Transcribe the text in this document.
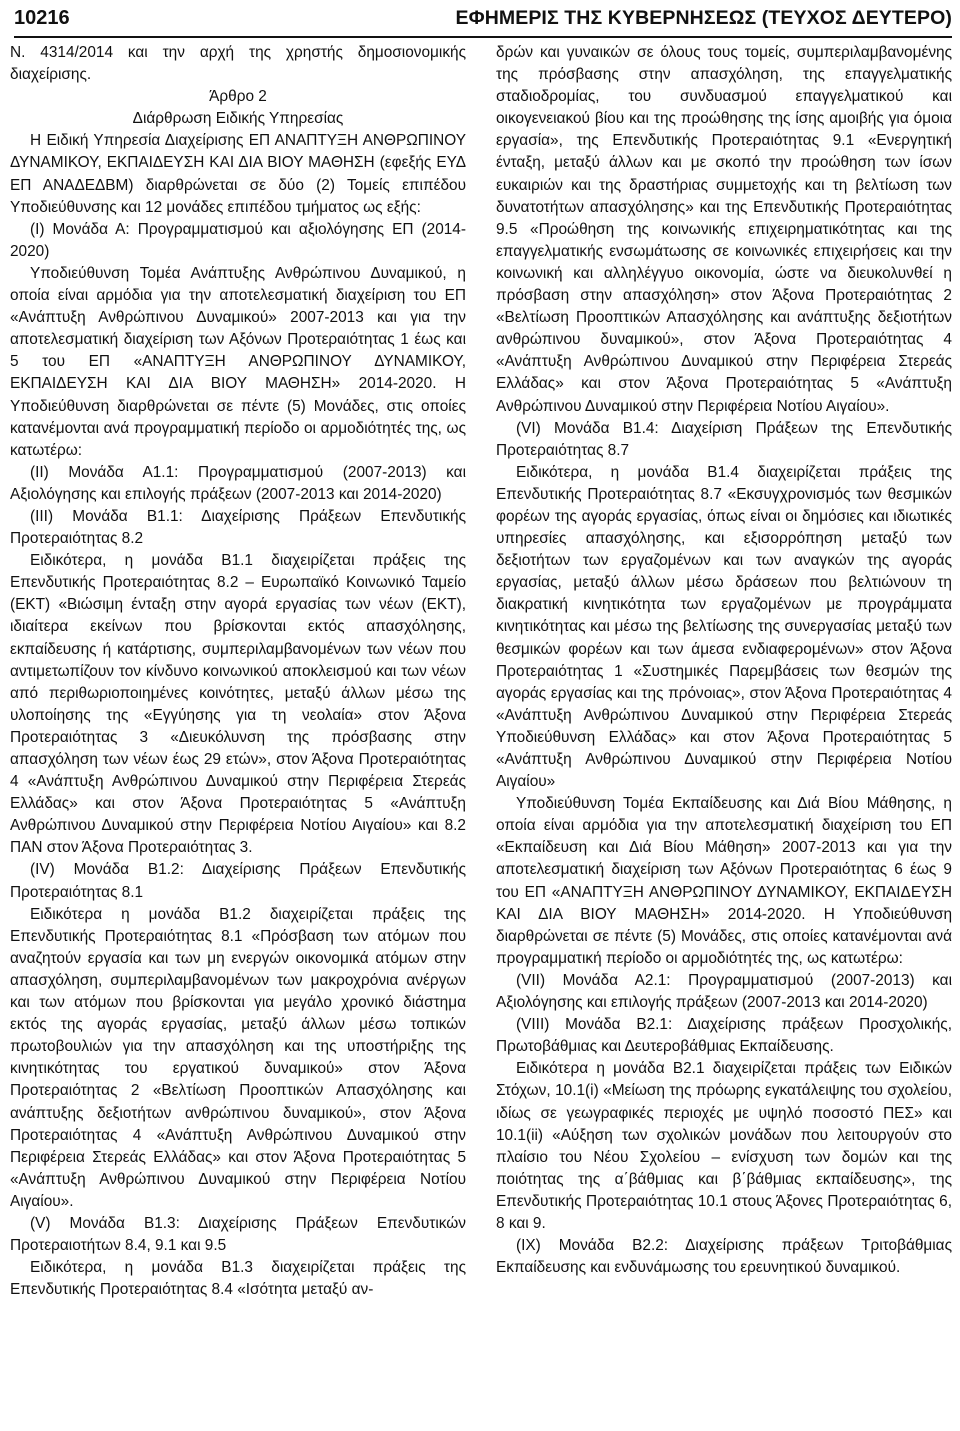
10216	ΕΦΗΜΕΡΙΣ ΤΗΣ ΚΥΒΕΡΝΗΣΕΩΣ (ΤΕΥΧΟΣ ΔΕΥΤΕΡΟ)

Ν. 4314/2014 και την αρχή της χρηστής δημοσιονομικής διαχείρισης.

Άρθρο 2

Διάρθρωση Ειδικής Υπηρεσίας

Η Ειδική Υπηρεσία Διαχείρισης ΕΠ ΑΝΑΠΤΥΞΗ ΑΝΘΡΩΠΙΝΟΥ ΔΥΝΑΜΙΚΟΥ, ΕΚΠΑΙΔΕΥΣΗ ΚΑΙ ΔΙΑ ΒΙΟΥ ΜΑΘΗΣΗ (εφεξής ΕΥΔ ΕΠ ΑΝΑΔΕΔΒΜ) διαρθρώνεται σε δύο (2) Τομείς επιπέδου Υποδιεύθυνσης και 12 μονάδες επιπέδου τμήματος ως εξής:

(Ι) Μονάδα Α: Προγραμματισμού και αξιολόγησης ΕΠ (2014-2020)

Υποδιεύθυνση Τομέα Ανάπτυξης Ανθρώπινου Δυναμικού, η οποία είναι αρμόδια για την αποτελεσματική διαχείριση του ΕΠ «Ανάπτυξη Ανθρώπινου Δυναμικού» 2007-2013 και για την αποτελεσματική διαχείριση των Αξόνων Προτεραιότητας 1 έως και 5 του ΕΠ «ΑΝΑΠΤΥΞΗ ΑΝΘΡΩΠΙΝΟΥ ΔΥΝΑΜΙΚΟΥ, ΕΚΠΑΙΔΕΥΣΗ ΚΑΙ ΔΙΑ ΒΙΟΥ ΜΑΘΗΣΗ» 2014-2020. Η Υποδιεύθυνση διαρθρώνεται σε πέντε (5) Μονάδες, στις οποίες κατανέμονται ανά προγραμματική περίοδο οι αρμοδιότητές της, ως κατωτέρω:

(ΙΙ) Μονάδα Α1.1: Προγραμματισμού (2007-2013) και Αξιολόγησης και επιλογής πράξεων (2007-2013 και 2014-2020)

(ΙΙΙ) Μονάδα Β1.1: Διαχείρισης Πράξεων Επενδυτικής Προτεραιότητας 8.2

Ειδικότερα, η μονάδα Β1.1 διαχειρίζεται πράξεις της Επενδυτικής Προτεραιότητας 8.2 – Ευρωπαϊκό Κοινωνικό Ταμείο (ΕΚΤ) «Βιώσιμη ένταξη στην αγορά εργασίας των νέων (ΕΚΤ), ιδιαίτερα εκείνων που βρίσκονται εκτός απασχόλησης, εκπαίδευσης ή κατάρτισης, συμπεριλαμβανομένων των νέων που αντιμετωπίζουν τον κίνδυνο κοινωνικού αποκλεισμού και των νέων από περιθωριοποιημένες κοινότητες, μεταξύ άλλων μέσω της υλοποίησης της «Εγγύησης για τη νεολαία» στον Άξονα Προτεραιότητας 3 «Διευκόλυνση της πρόσβασης στην απασχόληση των νέων έως 29 ετών», στον Άξονα Προτεραιότητας 4 «Ανάπτυξη Ανθρώπινου Δυναμικού στην Περιφέρεια Στερεάς Ελλάδας» και στον Άξονα Προτεραιότητας 5 «Ανάπτυξη Ανθρώπινου Δυναμικού στην Περιφέρεια Νοτίου Αιγαίου» και 8.2 ΠΑΝ στον Άξονα Προτεραιότητας 3.

(IV) Μονάδα Β1.2: Διαχείρισης Πράξεων Επενδυτικής Προτεραιότητας 8.1

Ειδικότερα η μονάδα Β1.2 διαχειρίζεται πράξεις της Επενδυτικής Προτεραιότητας 8.1 «Πρόσβαση των ατόμων που αναζητούν εργασία και των μη ενεργών οικονομικά ατόμων στην απασχόληση, συμπεριλαμβανομένων των μακροχρόνια ανέργων και των ατόμων που βρίσκονται για μεγάλο χρονικό διάστημα εκτός της αγοράς εργασίας, μεταξύ άλλων μέσω τοπικών πρωτοβουλιών για την απασχόληση και της υποστήριξης της κινητικότητας του εργατικού δυναμικού» στον Άξονα Προτεραιότητας 2 «Βελτίωση Προοπτικών Απασχόλησης και ανάπτυξης δεξιοτήτων ανθρώπινου δυναμικού», στον Άξονα Προτεραιότητας 4 «Ανάπτυξη Ανθρώπινου Δυναμικού στην Περιφέρεια Στερεάς Ελλάδας» και στον Άξονα Προτεραιότητας 5 «Ανάπτυξη Ανθρώπινου Δυναμικού στην Περιφέρεια Νοτίου Αιγαίου».

(V) Μονάδα Β1.3: Διαχείρισης Πράξεων Επενδυτικών Προτεραιοτήτων 8.4, 9.1 και 9.5

Ειδικότερα, η μονάδα Β1.3 διαχειρίζεται πράξεις της Επενδυτικής Προτεραιότητας 8.4 «Ισότητα μεταξύ αν-

δρών και γυναικών σε όλους τους τομείς, συμπεριλαμβανομένης της πρόσβασης στην απασχόληση, της επαγγελματικής σταδιοδρομίας, του συνδυασμού επαγγελματικού και οικογενειακού βίου και της προώθησης της ίσης αμοιβής για όμοια εργασία», της Επενδυτικής Προτεραιότητας 9.1 «Ενεργητική ένταξη, μεταξύ άλλων και με σκοπό την προώθηση των ίσων ευκαιριών και της δραστήριας συμμετοχής και τη βελτίωση των δυνατοτήτων απασχόλησης» και της Επενδυτικής Προτεραιότητας 9.5 «Προώθηση της κοινωνικής επιχειρηματικότητας και της επαγγελματικής ενσωμάτωσης σε κοινωνικές επιχειρήσεις και την κοινωνική και αλληλέγγυο οικονομία, ώστε να διευκολυνθεί η πρόσβαση στην απασχόληση» στον Άξονα Προτεραιότητας 2 «Βελτίωση Προοπτικών Απασχόλησης και ανάπτυξης δεξιοτήτων ανθρώπινου δυναμικού», στον Άξονα Προτεραιότητας 4 «Ανάπτυξη Ανθρώπινου Δυναμικού στην Περιφέρεια Στερεάς Ελλάδας» και στον Άξονα Προτεραιότητας 5 «Ανάπτυξη Ανθρώπινου Δυναμικού στην Περιφέρεια Νοτίου Αιγαίου».

(VI) Μονάδα Β1.4: Διαχείριση Πράξεων της Επενδυτικής Προτεραιότητας 8.7

Ειδικότερα, η μονάδα Β1.4 διαχειρίζεται πράξεις της Επενδυτικής Προτεραιότητας 8.7 «Εκσυγχρονισμός των θεσμικών φορέων της αγοράς εργασίας, όπως είναι οι δημόσιες και ιδιωτικές υπηρεσίες απασχόλησης, και εξισορρόπηση μεταξύ των δεξιοτήτων των εργαζομένων και των αναγκών της αγοράς εργασίας, μεταξύ άλλων μέσω δράσεων που βελτιώνουν τη διακρατική κινητικότητα των εργαζομένων με προγράμματα κινητικότητας και μέσω της βελτίωσης της συνεργασίας μεταξύ των θεσμικών φορέων και των άμεσα ενδιαφερομένων» στον Άξονα Προτεραιότητας 1 «Συστημικές Παρεμβάσεις των θεσμών της αγοράς εργασίας και της πρόνοιας», στον Άξονα Προτεραιότητας 4 «Ανάπτυξη Ανθρώπινου Δυναμικού στην Περιφέρεια Στερεάς Υποδιεύθυνση Ελλάδας» και στον Άξονα Προτεραιότητας 5 «Ανάπτυξη Ανθρώπινου Δυναμικού στην Περιφέρεια Νοτίου Αιγαίου»

Υποδιεύθυνση Τομέα Εκπαίδευσης και Διά Βίου Μάθησης, η οποία είναι αρμόδια για την αποτελεσματική διαχείριση του ΕΠ «Εκπαίδευση και Διά Βίου Μάθηση» 2007-2013 και για την αποτελεσματική διαχείριση των Αξόνων Προτεραιότητας 6 έως 9 του ΕΠ «ΑΝΑΠΤΥΞΗ ΑΝΘΡΩΠΙΝΟΥ ΔΥΝΑΜΙΚΟΥ, ΕΚΠΑΙΔΕΥΣΗ ΚΑΙ ΔΙΑ ΒΙΟΥ ΜΑΘΗΣΗ» 2014-2020. Η Υποδιεύθυνση διαρθρώνεται σε πέντε (5) Μονάδες, στις οποίες κατανέμονται ανά προγραμματική περίοδο οι αρμοδιότητές της, ως κατωτέρω:

(VII) Μονάδα Α2.1: Προγραμματισμού (2007-2013) και Αξιολόγησης και επιλογής πράξεων (2007-2013 και 2014-2020)

(VIII) Μονάδα Β2.1: Διαχείρισης πράξεων Προσχολικής, Πρωτοβάθμιας και Δευτεροβάθμιας Εκπαίδευσης.

Ειδικότερα η μονάδα Β2.1 διαχειρίζεται πράξεις των Ειδικών Στόχων, 10.1(i) «Μείωση της πρόωρης εγκατάλειψης του σχολείου, ιδίως σε γεωγραφικές περιοχές με υψηλό ποσοστό ΠΕΣ» και 10.1(ii) «Αύξηση των σχολικών μονάδων που λειτουργούν στο πλαίσιο του Νέου Σχολείου – ενίσχυση των δομών και της ποιότητας της α΄βάθμιας και β΄βάθμιας εκπαίδευσης», της Επενδυτικής Προτεραιότητας 10.1 στους Άξονες Προτεραιότητας 6, 8 και 9.

(IX) Μονάδα Β2.2: Διαχείρισης πράξεων Τριτοβάθμιας Εκπαίδευσης και ενδυνάμωσης του ερευνητικού δυναμικού.
